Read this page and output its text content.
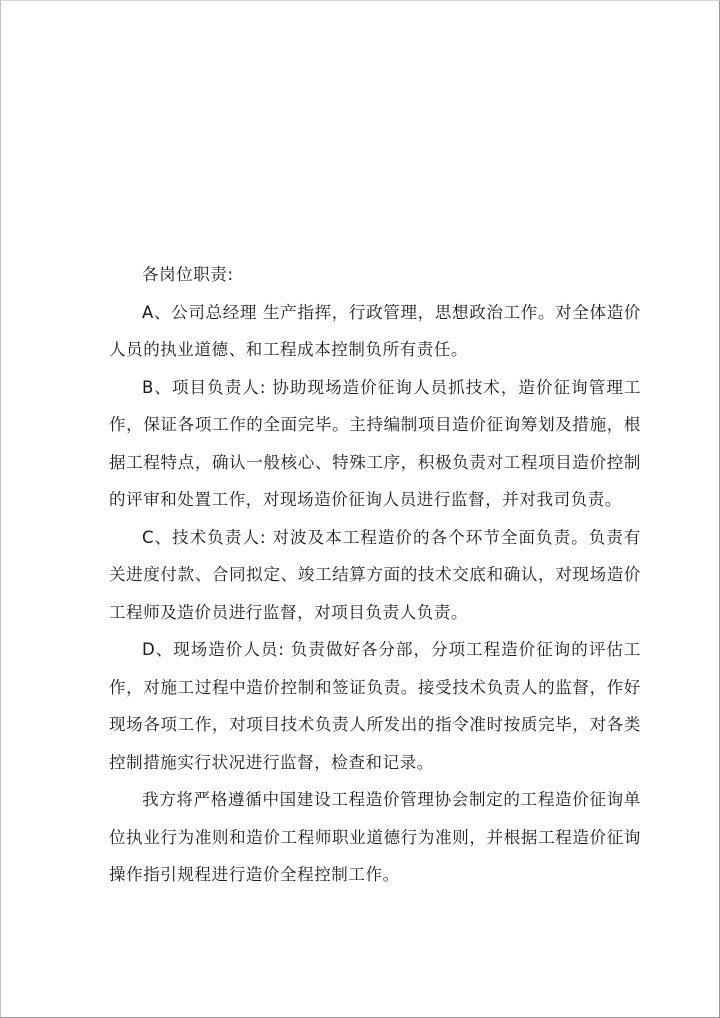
各岗位职责:

A、公司总经理 生产指挥，行政管理，思想政治工作。对全体造价人员的执业道德、和工程成本控制负所有责任。

B、项目负责人: 协助现场造价征询人员抓技术，造价征询管理工作，保证各项工作的全面完毕。主持编制项目造价征询筹划及措施，根据工程特点，确认一般核心、特殊工序，积极负责对工程项目造价控制的评审和处置工作，对现场造价征询人员进行监督，并对我司负责。

C、技术负责人: 对波及本工程造价的各个环节全面负责。负责有关进度付款、合同拟定、竣工结算方面的技术交底和确认，对现场造价工程师及造价员进行监督，对项目负责人负责。

D、现场造价人员: 负责做好各分部，分项工程造价征询的评估工作，对施工过程中造价控制和签证负责。接受技术负责人的监督，作好现场各项工作，对项目技术负责人所发出的指令准时按质完毕，对各类控制措施实行状况进行监督，检查和记录。

我方将严格遵循中国建设工程造价管理协会制定的工程造价征询单位执业行为准则和造价工程师职业道德行为准则，并根据工程造价征询操作指引规程进行造价全程控制工作。
